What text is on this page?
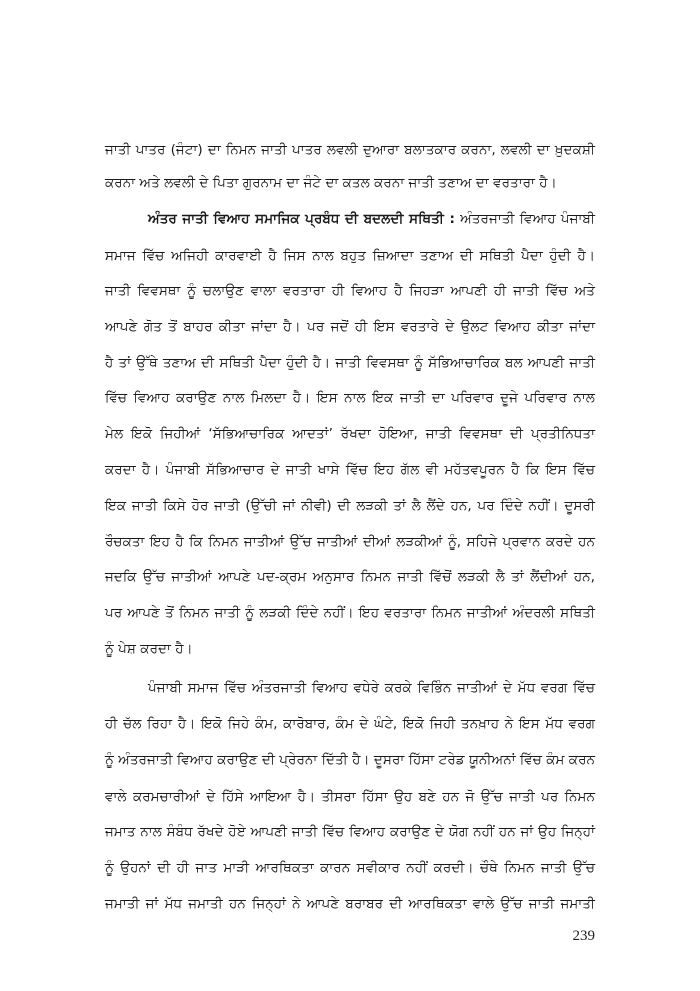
ਜਾਤੀ ਪਾਤਰ (ਜੰਟਾ) ਦਾ ਨਿਮਨ ਜਾਤੀ ਪਾਤਰ ਲਵਲੀ ਦੁਆਰਾ ਬਲਾਤਕਾਰ ਕਰਨਾ, ਲਵਲੀ ਦਾ ਖ਼ੁਦਕਸ਼ੀ
ਕਰਨਾ ਅਤੇ ਲਵਲੀ ਦੇ ਪਿਤਾ ਗੁਰਨਾਮ ਦਾ ਜੰਟੇ ਦਾ ਕਤਲ ਕਰਨਾ ਜਾਤੀ ਤਣਾਅ ਦਾ ਵਰਤਾਰਾ ਹੈ।
ਅੰਤਰ ਜਾਤੀ ਵਿਆਹ ਸਮਾਜਿਕ ਪ੍ਰਬੰਧ ਦੀ ਬਦਲਦੀ ਸਥਿਤੀ : ਅੰਤਰਜਾਤੀ ਵਿਆਹ ਪੰਜਾਬੀ
ਸਮਾਜ ਵਿੱਚ ਅਜਿਹੀ ਕਾਰਵਾਈ ਹੈ ਜਿਸ ਨਾਲ ਬਹੁਤ ਜ਼ਿਆਦਾ ਤਣਾਅ ਦੀ ਸਥਿਤੀ ਪੈਦਾ ਹੁੰਦੀ ਹੈ।
ਜਾਤੀ ਵਿਵਸਥਾ ਨੂੰ ਚਲਾਉਣ ਵਾਲਾ ਵਰਤਾਰਾ ਹੀ ਵਿਆਹ ਹੈ ਜਿਹੜਾ ਆਪਣੀ ਹੀ ਜਾਤੀ ਵਿੱਚ ਅਤੇ
ਆਪਣੇ ਗੋਤ ਤੋਂ ਬਾਹਰ ਕੀਤਾ ਜਾਂਦਾ ਹੈ। ਪਰ ਜਦੋਂ ਹੀ ਇਸ ਵਰਤਾਰੇ ਦੇ ਉਲਟ ਵਿਆਹ ਕੀਤਾ ਜਾਂਦਾ
ਹੈ ਤਾਂ ਉੱਥੇ ਤਣਾਅ ਦੀ ਸਥਿਤੀ ਪੈਦਾ ਹੁੰਦੀ ਹੈ। ਜਾਤੀ ਵਿਵਸਥਾ ਨੂੰ ਸੱਭਿਆਚਾਰਿਕ ਬਲ ਆਪਣੀ ਜਾਤੀ
ਵਿੱਚ ਵਿਆਹ ਕਰਾਉਣ ਨਾਲ ਮਿਲਦਾ ਹੈ। ਇਸ ਨਾਲ ਇਕ ਜਾਤੀ ਦਾ ਪਰਿਵਾਰ ਦੂਜੇ ਪਰਿਵਾਰ ਨਾਲ
ਮੇਲ ਇਕੋ ਜਿਹੀਆਂ ‘ਸੱਭਿਆਚਾਰਿਕ ਆਦਤਾਂ’ ਰੱਖਦਾ ਹੋਇਆ, ਜਾਤੀ ਵਿਵਸਥਾ ਦੀ ਪ੍ਰਤੀਨਿਧਤਾ
ਕਰਦਾ ਹੈ। ਪੰਜਾਬੀ ਸੱਭਿਆਚਾਰ ਦੇ ਜਾਤੀ ਖਾਸੇ ਵਿੱਚ ਇਹ ਗੱਲ ਵੀ ਮਹੱਤਵਪੂਰਨ ਹੈ ਕਿ ਇਸ ਵਿੱਚ
ਇਕ ਜਾਤੀ ਕਿਸੇ ਹੋਰ ਜਾਤੀ (ਉੱਚੀ ਜਾਂ ਨੀਵੀ) ਦੀ ਲੜਕੀ ਤਾਂ ਲੈ ਲੈਂਦੇ ਹਨ, ਪਰ ਦਿੰਦੇ ਨਹੀਂ। ਦੂਸਰੀ
ਰੌਚਕਤਾ ਇਹ ਹੈ ਕਿ ਨਿਮਨ ਜਾਤੀਆਂ ਉੱਚ ਜਾਤੀਆਂ ਦੀਆਂ ਲੜਕੀਆਂ ਨੂੰ, ਸਹਿਜੇ ਪ੍ਰਵਾਨ ਕਰਦੇ ਹਨ
ਜਦਕਿ ਉੱਚ ਜਾਤੀਆਂ ਆਪਣੇ ਪਦ-ਕ੍ਰਮ ਅਨੁਸਾਰ ਨਿਮਨ ਜਾਤੀ ਵਿੱਚੋਂ ਲੜਕੀ ਲੈ ਤਾਂ ਲੈਂਦੀਆਂ ਹਨ,
ਪਰ ਆਪਣੇ ਤੋਂ ਨਿਮਨ ਜਾਤੀ ਨੂੰ ਲੜਕੀ ਦਿੰਦੇ ਨਹੀਂ। ਇਹ ਵਰਤਾਰਾ ਨਿਮਨ ਜਾਤੀਆਂ ਅੰਦਰਲੀ ਸਥਿਤੀ
ਨੂੰ ਪੇਸ਼ ਕਰਦਾ ਹੈ।
ਪੰਜਾਬੀ ਸਮਾਜ ਵਿੱਚ ਅੰਤਰਜਾਤੀ ਵਿਆਹ ਵਧੇਰੇ ਕਰਕੇ ਵਿਭਿੰਨ ਜਾਤੀਆਂ ਦੇ ਮੱਧ ਵਰਗ ਵਿੱਚ
ਹੀ ਚੱਲ ਰਿਹਾ ਹੈ। ਇਕੋ ਜਿਹੇ ਕੰਮ, ਕਾਰੋਬਾਰ, ਕੰਮ ਦੇ ਘੰਟੇ, ਇਕੋ ਜਿਹੀ ਤਨਖ਼ਾਹ ਨੇ ਇਸ ਮੱਧ ਵਰਗ
ਨੂੰ ਅੰਤਰਜਾਤੀ ਵਿਆਹ ਕਰਾਉਣ ਦੀ ਪ੍ਰੇਰਨਾ ਦਿੱਤੀ ਹੈ। ਦੂਸਰਾ ਹਿੱਸਾ ਟਰੇਡ ਯੂਨੀਅਨਾਂ ਵਿੱਚ ਕੰਮ ਕਰਨ
ਵਾਲੇ ਕਰਮਚਾਰੀਆਂ ਦੇ ਹਿੱਸੇ ਆਇਆ ਹੈ। ਤੀਸਰਾ ਹਿੱਸਾ ਉਹ ਬਣੇ ਹਨ ਜੋ ਉੱਚ ਜਾਤੀ ਪਰ ਨਿਮਨ
ਜਮਾਤ ਨਾਲ ਸੰਬੰਧ ਰੱਖਦੇ ਹੋਏ ਆਪਣੀ ਜਾਤੀ ਵਿੱਚ ਵਿਆਹ ਕਰਾਉਣ ਦੇ ਯੋਗ ਨਹੀਂ ਹਨ ਜਾਂ ਉਹ ਜਿਨ੍ਹਾਂ
ਨੂੰ ਉਹਨਾਂ ਦੀ ਹੀ ਜਾਤ ਮਾੜੀ ਆਰਥਿਕਤਾ ਕਾਰਨ ਸਵੀਕਾਰ ਨਹੀਂ ਕਰਦੀ। ਚੌਥੇ ਨਿਮਨ ਜਾਤੀ ਉੱਚ
ਜਮਾਤੀ ਜਾਂ ਮੱਧ ਜਮਾਤੀ ਹਨ ਜਿਨ੍ਹਾਂ ਨੇ ਆਪਣੇ ਬਰਾਬਰ ਦੀ ਆਰਥਿਕਤਾ ਵਾਲੇ ਉੱਚ ਜਾਤੀ ਜਮਾਤੀ
239
